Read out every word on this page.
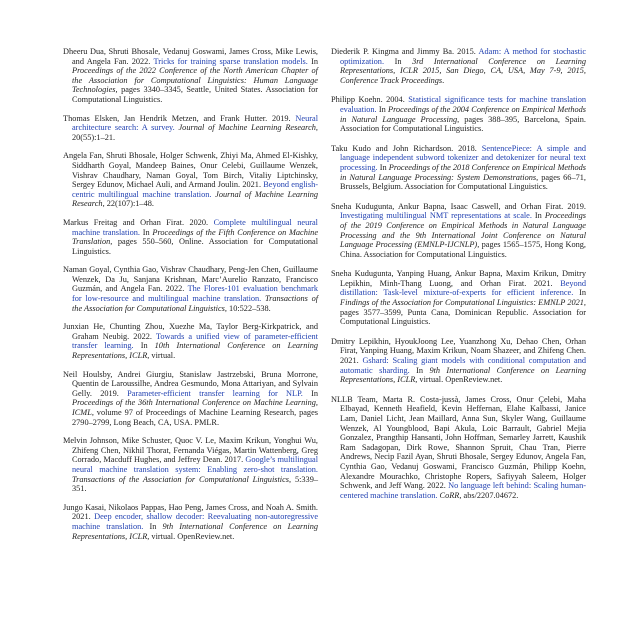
Dheeru Dua, Shruti Bhosale, Vedanuj Goswami, James Cross, Mike Lewis, and Angela Fan. 2022. Tricks for training sparse translation models. In Proceedings of the 2022 Conference of the North American Chapter of the Association for Computational Linguistics: Human Language Technologies, pages 3340–3345, Seattle, United States. Association for Computational Linguistics.

Thomas Elsken, Jan Hendrik Metzen, and Frank Hutter. 2019. Neural architecture search: A survey. Journal of Machine Learning Research, 20(55):1–21.

Angela Fan, Shruti Bhosale, Holger Schwenk, Zhiyi Ma, Ahmed El-Kishky, Siddharth Goyal, Mandeep Baines, Onur Celebi, Guillaume Wenzek, Vishrav Chaudhary, Naman Goyal, Tom Birch, Vitaliy Liptchinsky, Sergey Edunov, Michael Auli, and Armand Joulin. 2021. Beyond english-centric multilingual machine translation. Journal of Machine Learning Research, 22(107):1–48.

Markus Freitag and Orhan Firat. 2020. Complete multilingual neural machine translation. In Proceedings of the Fifth Conference on Machine Translation, pages 550–560, Online. Association for Computational Linguistics.

Naman Goyal, Cynthia Gao, Vishrav Chaudhary, Peng-Jen Chen, Guillaume Wenzek, Da Ju, Sanjana Krishnan, Marc’Aurelio Ranzato, Francisco Guzmán, and Angela Fan. 2022. The Flores-101 evaluation benchmark for low-resource and multilingual machine translation. Transactions of the Association for Computational Linguistics, 10:522–538.

Junxian He, Chunting Zhou, Xuezhe Ma, Taylor Berg-Kirkpatrick, and Graham Neubig. 2022. Towards a unified view of parameter-efficient transfer learning. In 10th International Conference on Learning Representations, ICLR, virtual.

Neil Houlsby, Andrei Giurgiu, Stanislaw Jastrzebski, Bruna Morrone, Quentin de Laroussilhe, Andrea Gesmundo, Mona Attariyan, and Sylvain Gelly. 2019. Parameter-efficient transfer learning for NLP. In Proceedings of the 36th International Conference on Machine Learning, ICML, volume 97 of Proceedings of Machine Learning Research, pages 2790–2799, Long Beach, CA, USA. PMLR.

Melvin Johnson, Mike Schuster, Quoc V. Le, Maxim Krikun, Yonghui Wu, Zhifeng Chen, Nikhil Thorat, Fernanda Viégas, Martin Wattenberg, Greg Corrado, Macduff Hughes, and Jeffrey Dean. 2017. Google’s multilingual neural machine translation system: Enabling zero-shot translation. Transactions of the Association for Computational Linguistics, 5:339–351.

Jungo Kasai, Nikolaos Pappas, Hao Peng, James Cross, and Noah A. Smith. 2021. Deep encoder, shallow decoder: Reevaluating non-autoregressive machine translation. In 9th International Conference on Learning Representations, ICLR, virtual. OpenReview.net.

Diederik P. Kingma and Jimmy Ba. 2015. Adam: A method for stochastic optimization. In 3rd International Conference on Learning Representations, ICLR 2015, San Diego, CA, USA, May 7-9, 2015, Conference Track Proceedings.

Philipp Koehn. 2004. Statistical significance tests for machine translation evaluation. In Proceedings of the 2004 Conference on Empirical Methods in Natural Language Processing, pages 388–395, Barcelona, Spain. Association for Computational Linguistics.

Taku Kudo and John Richardson. 2018. SentencePiece: A simple and language independent subword tokenizer and detokenizer for neural text processing. In Proceedings of the 2018 Conference on Empirical Methods in Natural Language Processing: System Demonstrations, pages 66–71, Brussels, Belgium. Association for Computational Linguistics.

Sneha Kudugunta, Ankur Bapna, Isaac Caswell, and Orhan Firat. 2019. Investigating multilingual NMT representations at scale. In Proceedings of the 2019 Conference on Empirical Methods in Natural Language Processing and the 9th International Joint Conference on Natural Language Processing (EMNLP-IJCNLP), pages 1565–1575, Hong Kong, China. Association for Computational Linguistics.

Sneha Kudugunta, Yanping Huang, Ankur Bapna, Maxim Krikun, Dmitry Lepikhin, Minh-Thang Luong, and Orhan Firat. 2021. Beyond distillation: Task-level mixture-of-experts for efficient inference. In Findings of the Association for Computational Linguistics: EMNLP 2021, pages 3577–3599, Punta Cana, Dominican Republic. Association for Computational Linguistics.

Dmitry Lepikhin, HyoukJoong Lee, Yuanzhong Xu, Dehao Chen, Orhan Firat, Yanping Huang, Maxim Krikun, Noam Shazeer, and Zhifeng Chen. 2021. Gshard: Scaling giant models with conditional computation and automatic sharding. In 9th International Conference on Learning Representations, ICLR, virtual. OpenReview.net.

NLLB Team, Marta R. Costa-jussà, James Cross, Onur Çelebi, Maha Elbayad, Kenneth Heafield, Kevin Heffernan, Elahe Kalbassi, Janice Lam, Daniel Licht, Jean Maillard, Anna Sun, Skyler Wang, Guillaume Wenzek, Al Youngblood, Bapi Akula, Loic Barrault, Gabriel Mejia Gonzalez, Prangthip Hansanti, John Hoffman, Semarley Jarrett, Kaushik Ram Sadagopan, Dirk Rowe, Shannon Spruit, Chau Tran, Pierre Andrews, Necip Fazil Ayan, Shruti Bhosale, Sergey Edunov, Angela Fan, Cynthia Gao, Vedanuj Goswami, Francisco Guzmán, Philipp Koehn, Alexandre Mourachko, Christophe Ropers, Safiyyah Saleem, Holger Schwenk, and Jeff Wang. 2022. No language left behind: Scaling human-centered machine translation. CoRR, abs/2207.04672.
